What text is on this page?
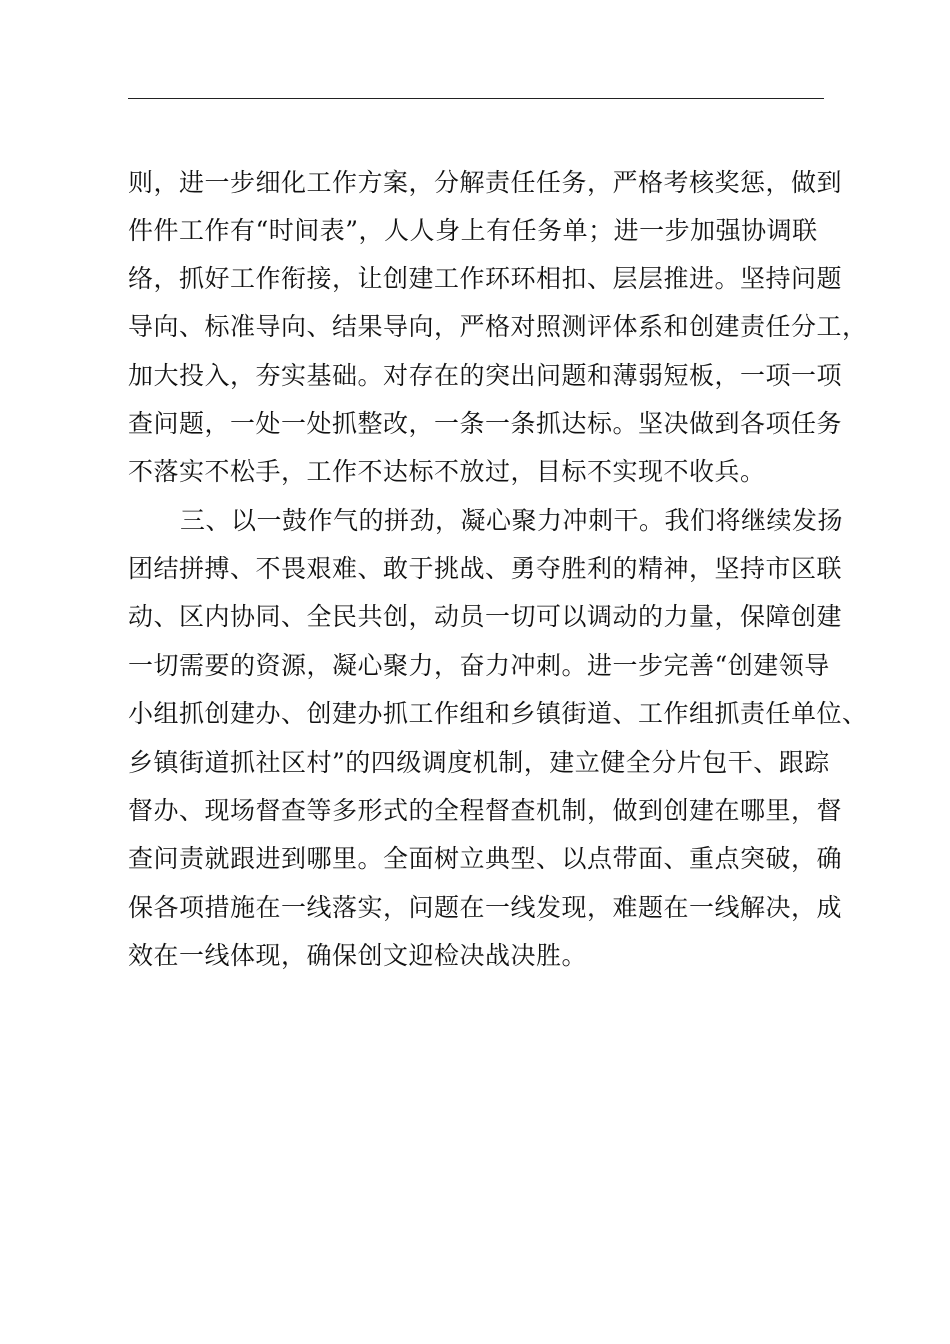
则，进一步细化工作方案，分解责任任务，严格考核奖惩，做到
件件工作有“时间表”，人人身上有任务单；进一步加强协调联
络，抓好工作衔接，让创建工作环环相扣、层层推进。坚持问题
导向、标准导向、结果导向，严格对照测评体系和创建责任分工，
加大投入，夯实基础。对存在的突出问题和薄弱短板，一项一项
查问题，一处一处抓整改，一条一条抓达标。坚决做到各项任务
不落实不松手，工作不达标不放过，目标不实现不收兵。
三、以一鼓作气的拼劲，凝心聚力冲刺干。我们将继续发扬
团结拼搏、不畏艰难、敢于挑战、勇夺胜利的精神，坚持市区联
动、区内协同、全民共创，动员一切可以调动的力量，保障创建
一切需要的资源，凝心聚力，奋力冲刺。进一步完善“创建领导
小组抓创建办、创建办抓工作组和乡镇街道、工作组抓责任单位、
乡镇街道抓社区村”的四级调度机制，建立健全分片包干、跟踪
督办、现场督查等多形式的全程督查机制，做到创建在哪里，督
查问责就跟进到哪里。全面树立典型、以点带面、重点突破，确
保各项措施在一线落实，问题在一线发现，难题在一线解决，成
效在一线体现，确保创文迎检决战决胜。
